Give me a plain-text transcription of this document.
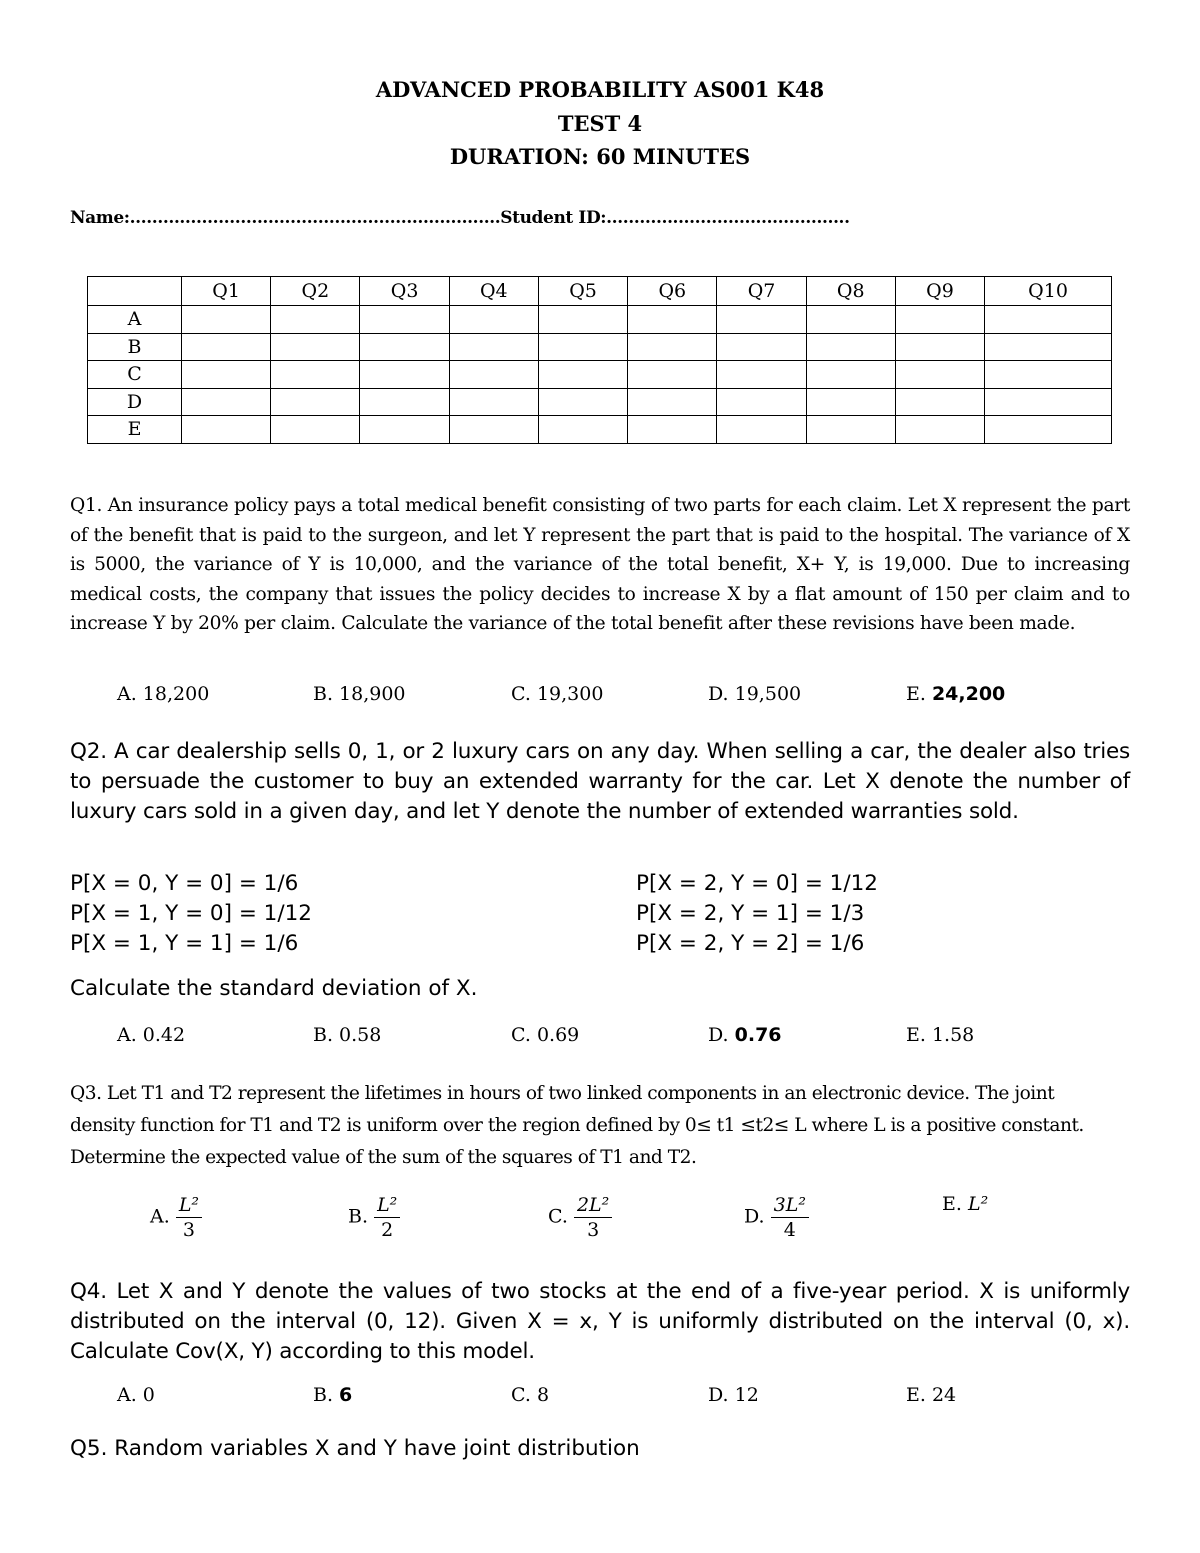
ADVANCED PROBABILITY AS001 K48
TEST 4
DURATION: 60 MINUTES
Name:…………………………………………………….......Student ID:……………………………………..
	Q1	Q2	Q3	Q4	Q5	Q6	Q7	Q8	Q9	Q10
A										
B										
C										
D										
E										
Q1. An insurance policy pays a total medical benefit consisting of two parts for each claim. Let X represent the part of the benefit that is paid to the surgeon, and let Y represent the part that is paid to the hospital. The variance of X is 5000, the variance of Y is 10,000, and the variance of the total benefit, X+ Y, is 19,000. Due to increasing medical costs, the company that issues the policy decides to increase X by a flat amount of 150 per claim and to increase Y by 20% per claim. Calculate the variance of the total benefit after these revisions have been made.
A. 18,200	B. 18,900	C. 19,300	D. 19,500	E. 24,200
Q2. A car dealership sells 0, 1, or 2 luxury cars on any day. When selling a car, the dealer also tries to persuade the customer to buy an extended warranty for the car. Let X denote the number of luxury cars sold in a given day, and let Y denote the number of extended warranties sold.
P[X = 0, Y = 0] = 1/6
P[X = 1, Y = 0] = 1/12
P[X = 1, Y = 1] = 1/6
P[X = 2, Y = 0] = 1/12
P[X = 2, Y = 1] = 1/3
P[X = 2, Y = 2] = 1/6
Calculate the standard deviation of X.
A. 0.42	B. 0.58	C. 0.69	D. 0.76	E. 1.58
Q3. Let T1 and T2 represent the lifetimes in hours of two linked components in an electronic device. The joint
density function for T1 and T2 is uniform over the region defined by 0≤ t1 ≤t2≤ L where L is a positive constant.
Determine the expected value of the sum of the squares of T1 and T2.
A. $\frac{\text{L²}}{3}$	B. $\frac{\text{L²}}{2}$	C. $\frac{\text{2L²}}{3}$	D. $\frac{\text{3L²}}{4}$	E. L²
Q4. Let X and Y denote the values of two stocks at the end of a five-year period. X is uniformly distributed on the interval (0, 12). Given X = x, Y is uniformly distributed on the interval (0, x). Calculate Cov(X, Y) according to this model.
A. 0	B. 6	C. 8	D. 12	E. 24
Q5. Random variables X and Y have joint distribution
